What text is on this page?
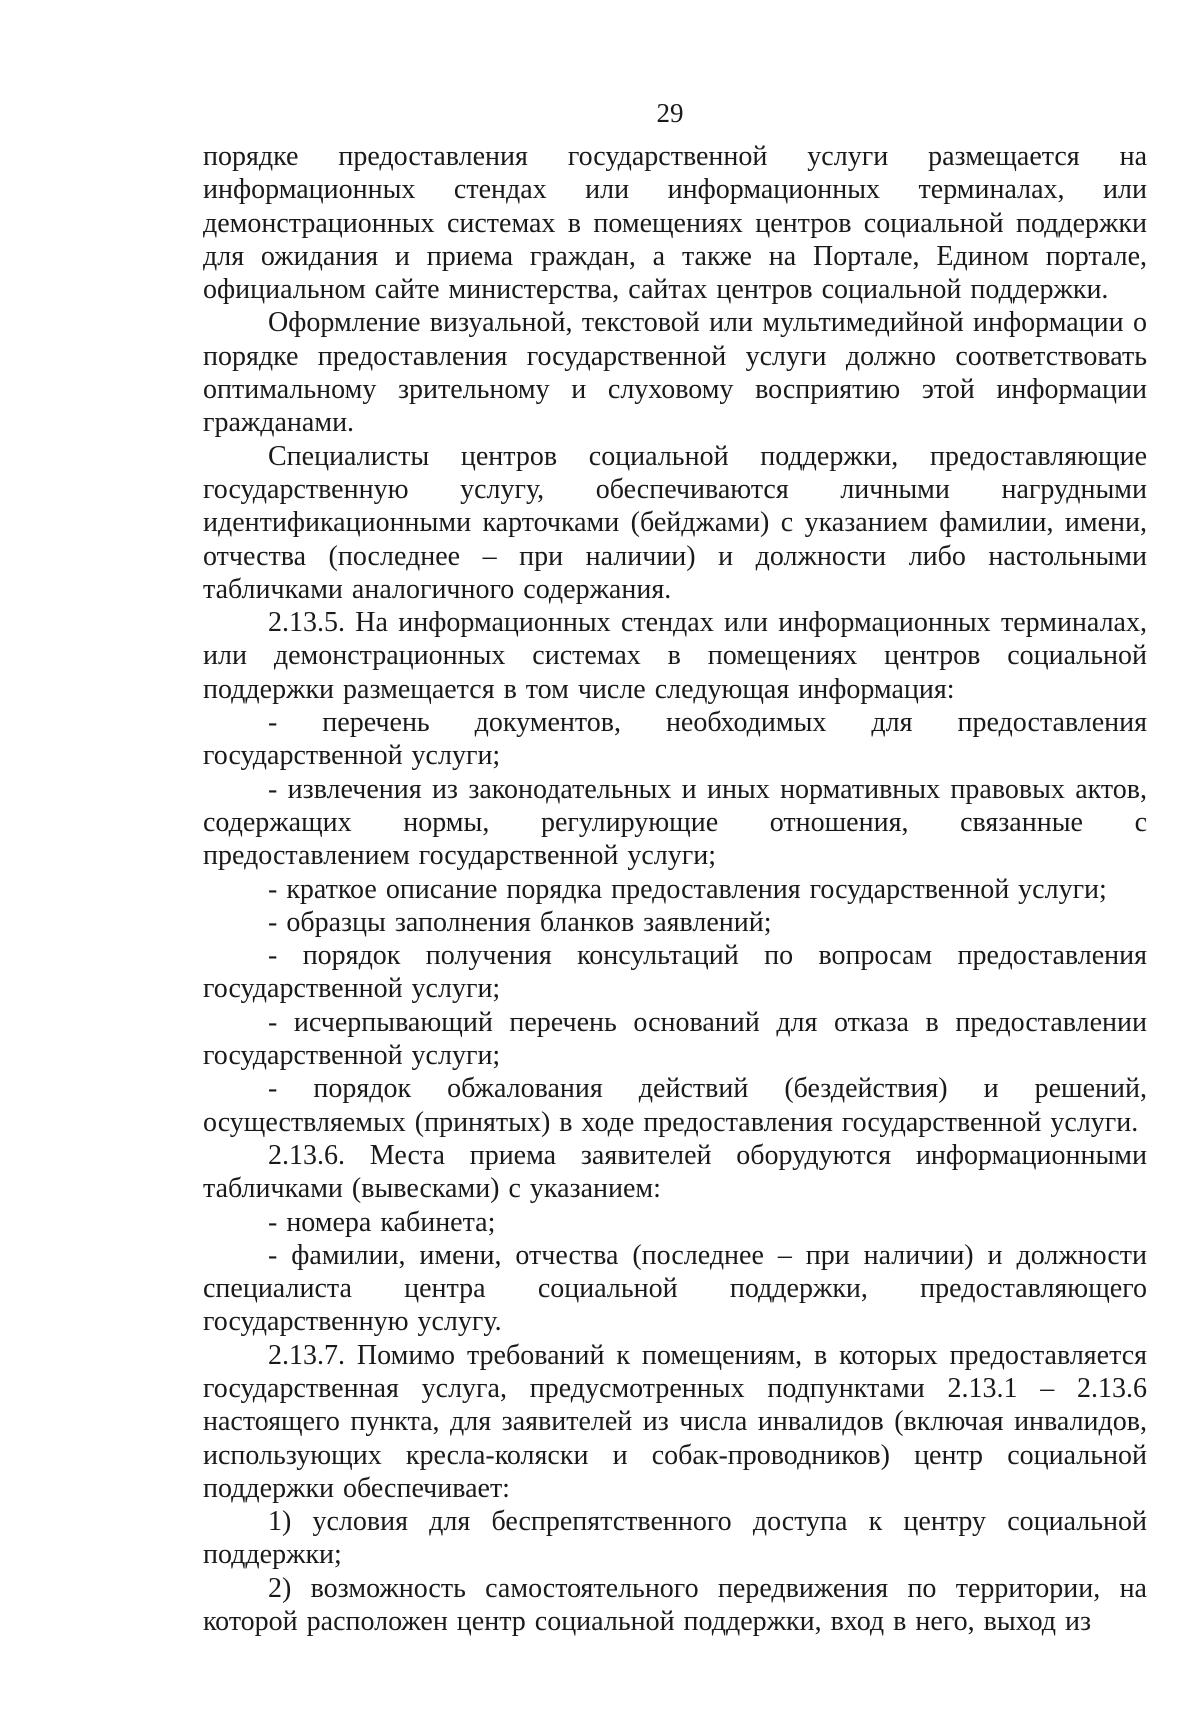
29

порядке предоставления государственной услуги размещается на информационных стендах или информационных терминалах, или демонстрационных системах в помещениях центров социальной поддержки для ожидания и приема граждан, а также на Портале, Едином портале, официальном сайте министерства, сайтах центров социальной поддержки.

Оформление визуальной, текстовой или мультимедийной информации о порядке предоставления государственной услуги должно соответствовать оптимальному зрительному и слуховому восприятию этой информации гражданами.

Специалисты центров социальной поддержки, предоставляющие государственную услугу, обеспечиваются личными нагрудными идентификационными карточками (бейджами) с указанием фамилии, имени, отчества (последнее – при наличии) и должности либо настольными табличками аналогичного содержания.

2.13.5. На информационных стендах или информационных терминалах, или демонстрационных системах в помещениях центров социальной поддержки размещается в том числе следующая информация:

- перечень документов, необходимых для предоставления государственной услуги;

- извлечения из законодательных и иных нормативных правовых актов, содержащих нормы, регулирующие отношения, связанные с предоставлением государственной услуги;

- краткое описание порядка предоставления государственной услуги;

- образцы заполнения бланков заявлений;

- порядок получения консультаций по вопросам предоставления государственной услуги;

- исчерпывающий перечень оснований для отказа в предоставлении государственной услуги;

- порядок обжалования действий (бездействия) и решений, осуществляемых (принятых) в ходе предоставления государственной услуги.

2.13.6. Места приема заявителей оборудуются информационными табличками (вывесками) с указанием:

- номера кабинета;

- фамилии, имени, отчества (последнее – при наличии) и должности специалиста центра социальной поддержки, предоставляющего государственную услугу.

2.13.7. Помимо требований к помещениям, в которых предоставляется государственная услуга, предусмотренных подпунктами 2.13.1 – 2.13.6 настоящего пункта, для заявителей из числа инвалидов (включая инвалидов, использующих кресла-коляски и собак-проводников) центр социальной поддержки обеспечивает:

1) условия для беспрепятственного доступа к центру социальной поддержки;

2) возможность самостоятельного передвижения по территории, на которой расположен центр социальной поддержки, вход в него, выход из
